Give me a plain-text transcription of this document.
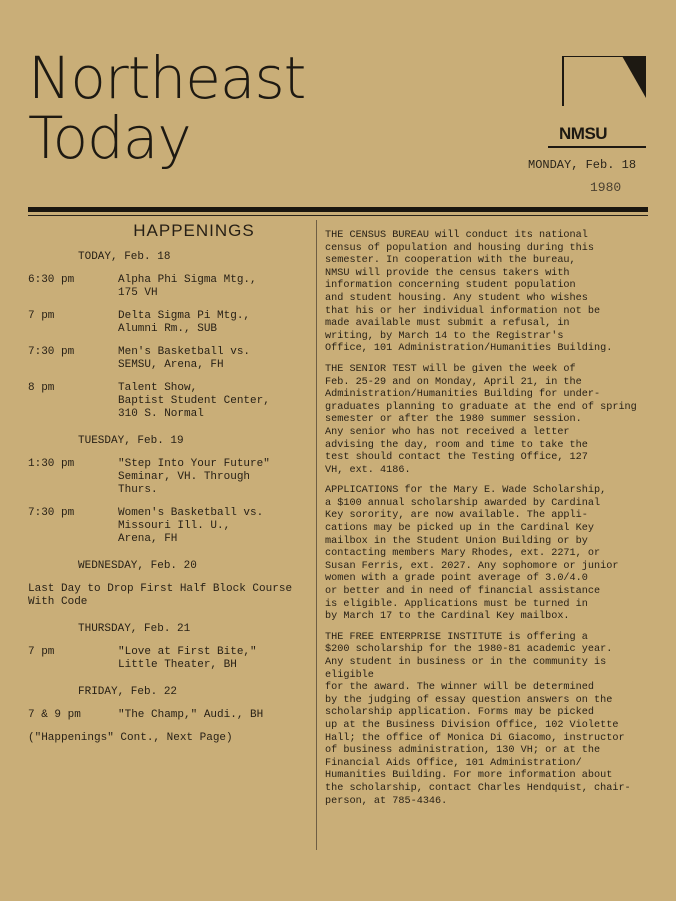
Northeast
Today	NMSU
MONDAY, Feb. 18
1980
HAPPENINGS
TODAY, Feb. 18
6:30 pm	Alpha Phi Sigma Mtg.,
175 VH
7 pm	Delta Sigma Pi Mtg.,
Alumni Rm., SUB
7:30 pm	Men's Basketball vs.
SEMSU, Arena, FH
8 pm	Talent Show,
Baptist Student Center,
310 S. Normal
TUESDAY, Feb. 19
1:30 pm	"Step Into Your Future"
Seminar, VH. Through
Thurs.
7:30 pm	Women's Basketball vs.
Missouri Ill. U.,
Arena, FH
WEDNESDAY, Feb. 20
Last Day to Drop First Half Block Course
With Code
THURSDAY, Feb. 21
7 pm	"Love at First Bite,"
Little Theater, BH
FRIDAY, Feb. 22
7 & 9 pm	"The Champ," Audi., BH
("Happenings" Cont., Next Page)

THE CENSUS BUREAU will conduct its national
census of population and housing during this
semester. In cooperation with the bureau,
NMSU will provide the census takers with
information concerning student population
and student housing. Any student who wishes
that his or her individual information not be
made available must submit a refusal, in
writing, by March 14 to the Registrar's
Office, 101 Administration/Humanities Building.

THE SENIOR TEST will be given the week of
Feb. 25-29 and on Monday, April 21, in the
Administration/Humanities Building for under-
graduates planning to graduate at the end of spring
semester or after the 1980 summer session.
Any senior who has not received a letter
advising the day, room and time to take the
test should contact the Testing Office, 127
VH, ext. 4186.

APPLICATIONS for the Mary E. Wade Scholarship,
a $100 annual scholarship awarded by Cardinal
Key sorority, are now available. The appli-
cations may be picked up in the Cardinal Key
mailbox in the Student Union Building or by
contacting members Mary Rhodes, ext. 2271, or
Susan Ferris, ext. 2027. Any sophomore or junior
women with a grade point average of 3.0/4.0
or better and in need of financial assistance
is eligible. Applications must be turned in
by March 17 to the Cardinal Key mailbox.

THE FREE ENTERPRISE INSTITUTE is offering a
$200 scholarship for the 1980-81 academic year.
Any student in business or in the community is eligible
for the award. The winner will be determined
by the judging of essay question answers on the
scholarship application. Forms may be picked
up at the Business Division Office, 102 Violette
Hall; the office of Monica Di Giacomo, instructor
of business administration, 130 VH; or at the
Financial Aids Office, 101 Administration/
Humanities Building. For more information about
the scholarship, contact Charles Hendquist, chair-
person, at 785-4346.
